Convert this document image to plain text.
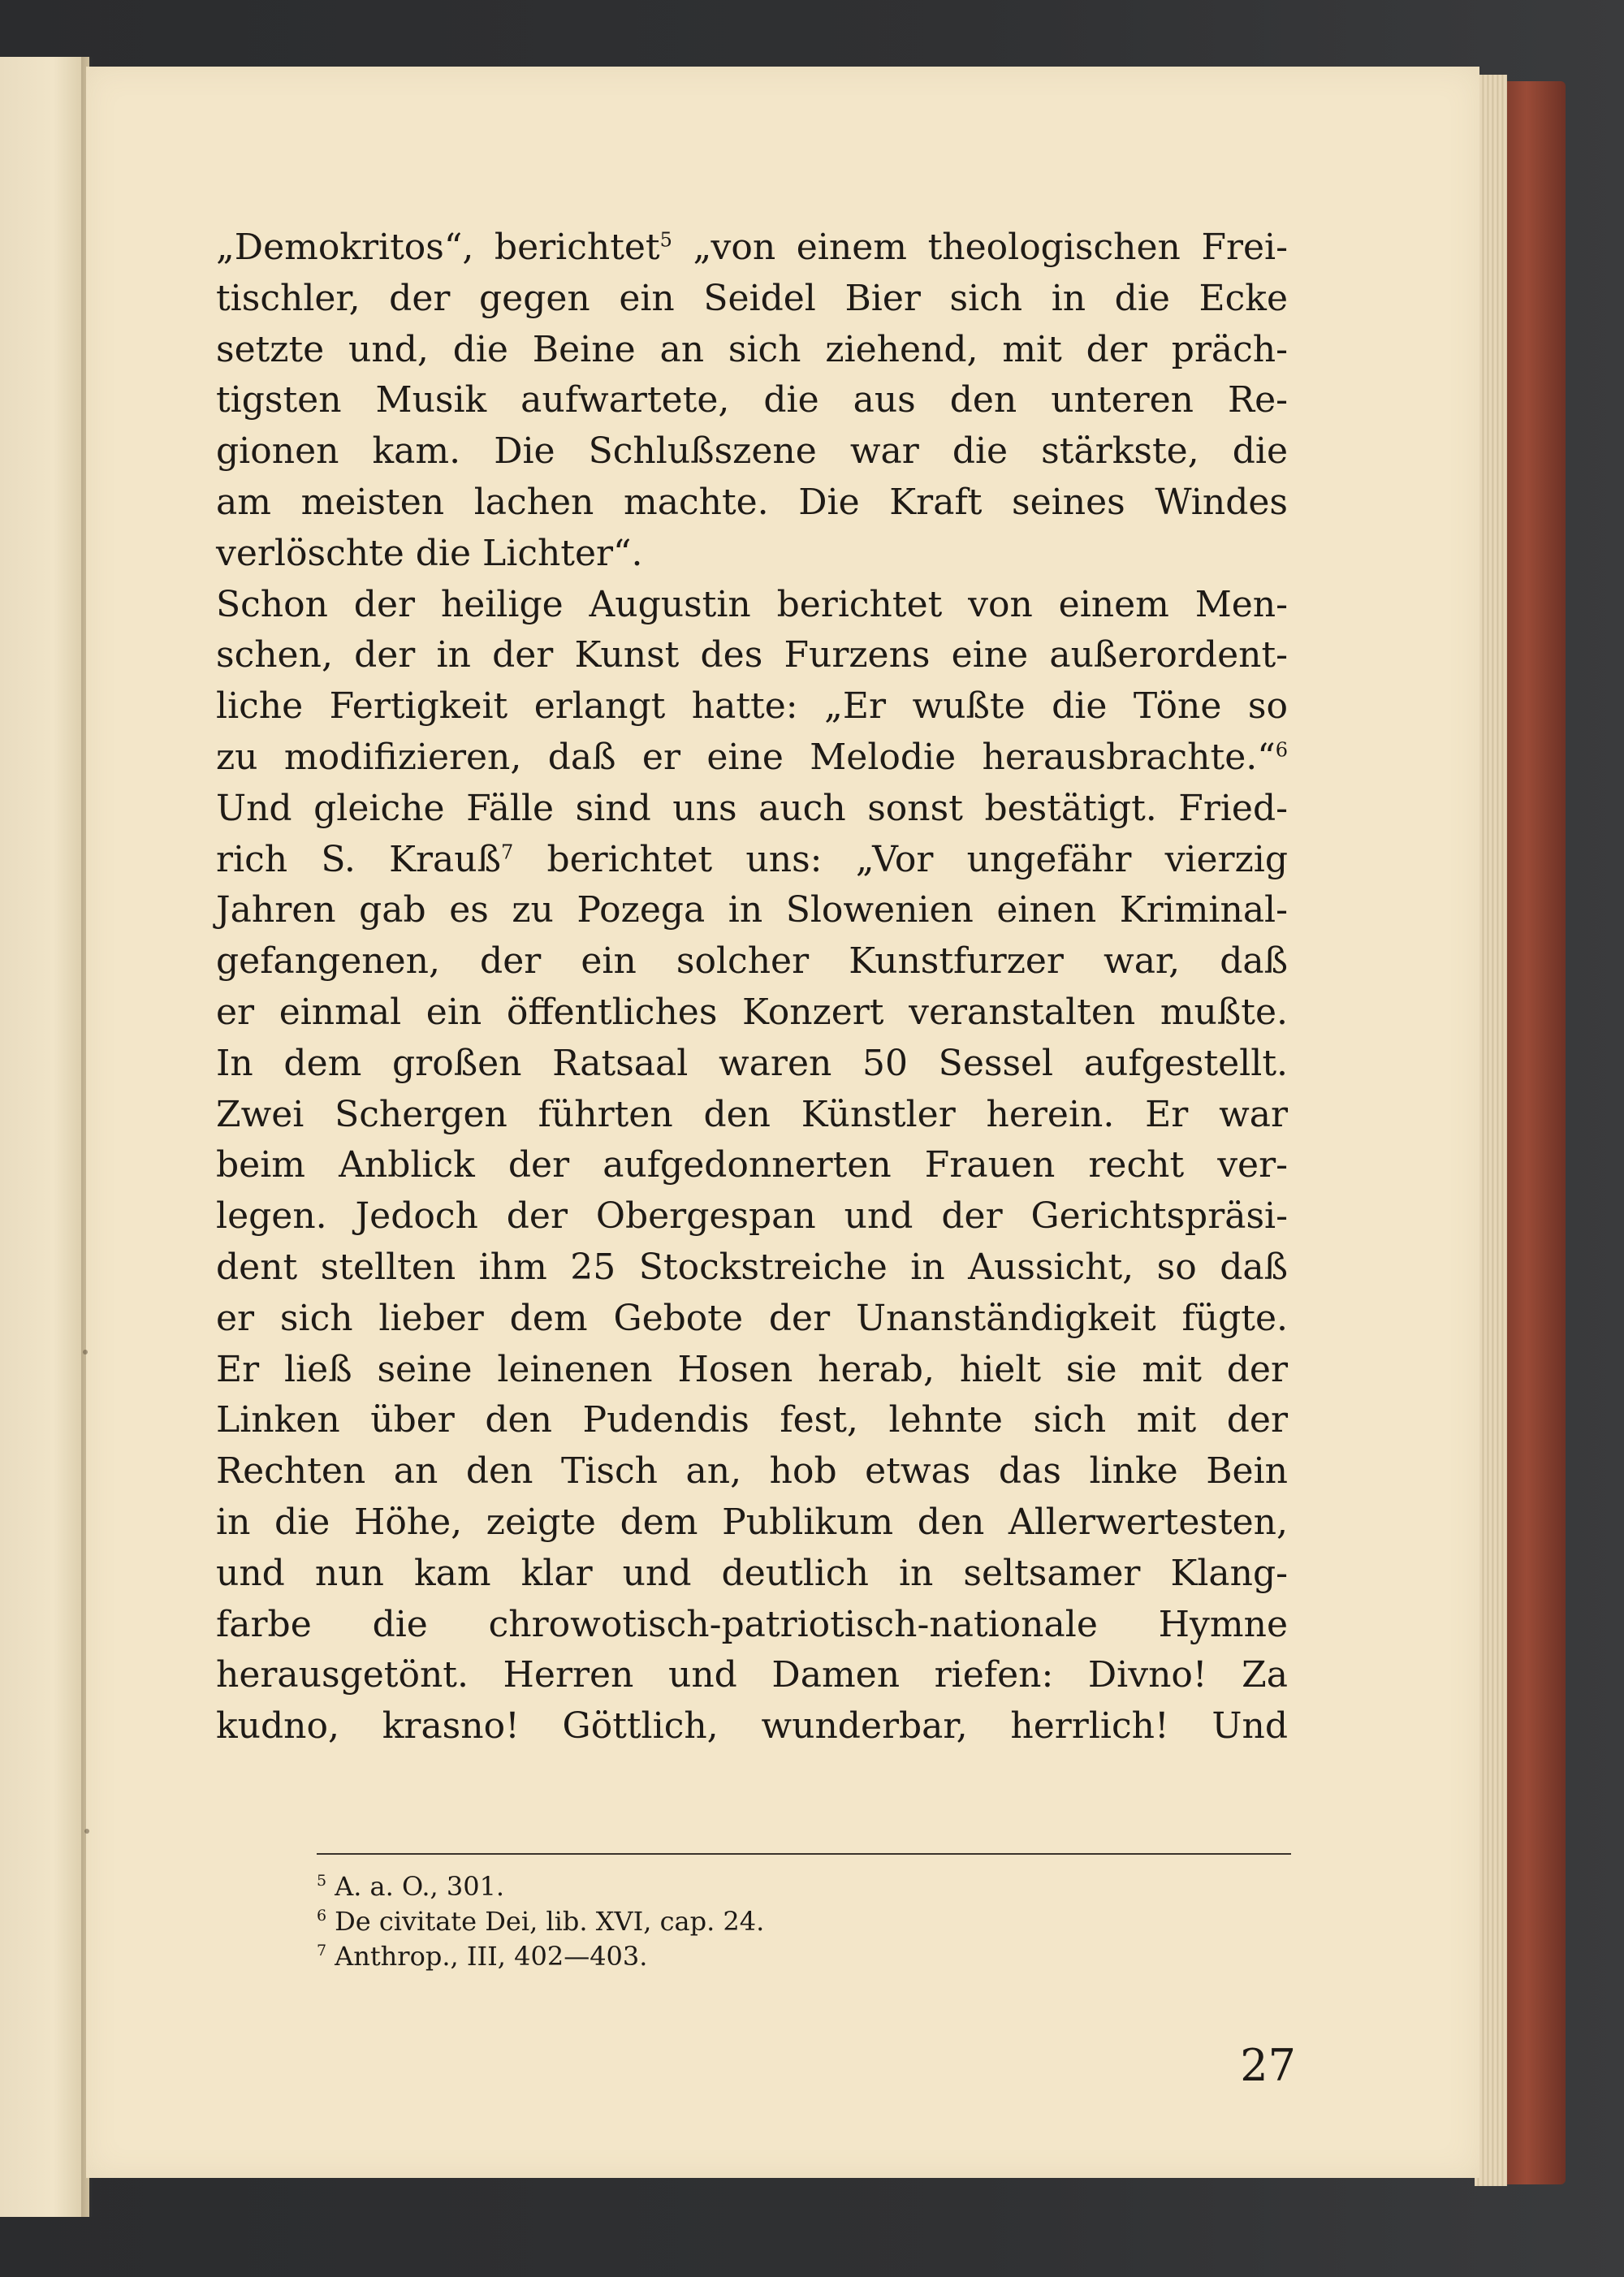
„Demokritos“, berichtet$^5$ „von einem theologischen Frei-
tischler, der gegen ein Seidel Bier sich in die Ecke
setzte und, die Beine an sich ziehend, mit der präch-
tigsten Musik aufwartete, die aus den unteren Re-
gionen kam. Die Schlußszene war die stärkste, die
am meisten lachen machte. Die Kraft seines Windes
verlöschte die Lichter“.
Schon der heilige Augustin berichtet von einem Men-
schen, der in der Kunst des Furzens eine außerordent-
liche Fertigkeit erlangt hatte: „Er wußte die Töne so
zu modifizieren, daß er eine Melodie herausbrachte.“$^6$
Und gleiche Fälle sind uns auch sonst bestätigt. Fried-
rich S. Krauß$^7$ berichtet uns: „Vor ungefähr vierzig
Jahren gab es zu Pozega in Slowenien einen Kriminal-
gefangenen, der ein solcher Kunstfurzer war, daß
er einmal ein öffentliches Konzert veranstalten mußte.
In dem großen Ratsaal waren 50 Sessel aufgestellt.
Zwei Schergen führten den Künstler herein. Er war
beim Anblick der aufgedonnerten Frauen recht ver-
legen. Jedoch der Obergespan und der Gerichtspräsi-
dent stellten ihm 25 Stockstreiche in Aussicht, so daß
er sich lieber dem Gebote der Unanständigkeit fügte.
Er ließ seine leinenen Hosen herab, hielt sie mit der
Linken über den Pudendis fest, lehnte sich mit der
Rechten an den Tisch an, hob etwas das linke Bein
in die Höhe, zeigte dem Publikum den Allerwertesten,
und nun kam klar und deutlich in seltsamer Klang-
farbe die chrowotisch-patriotisch-nationale Hymne
herausgetönt. Herren und Damen riefen: Divno! Za
kudno, krasno! Göttlich, wunderbar, herrlich! Und
$^5$ A. a. O., 301.
$^6$ De civitate Dei, lib. XVI, cap. 24.
$^7$ Anthrop., III, 402—403.
27
